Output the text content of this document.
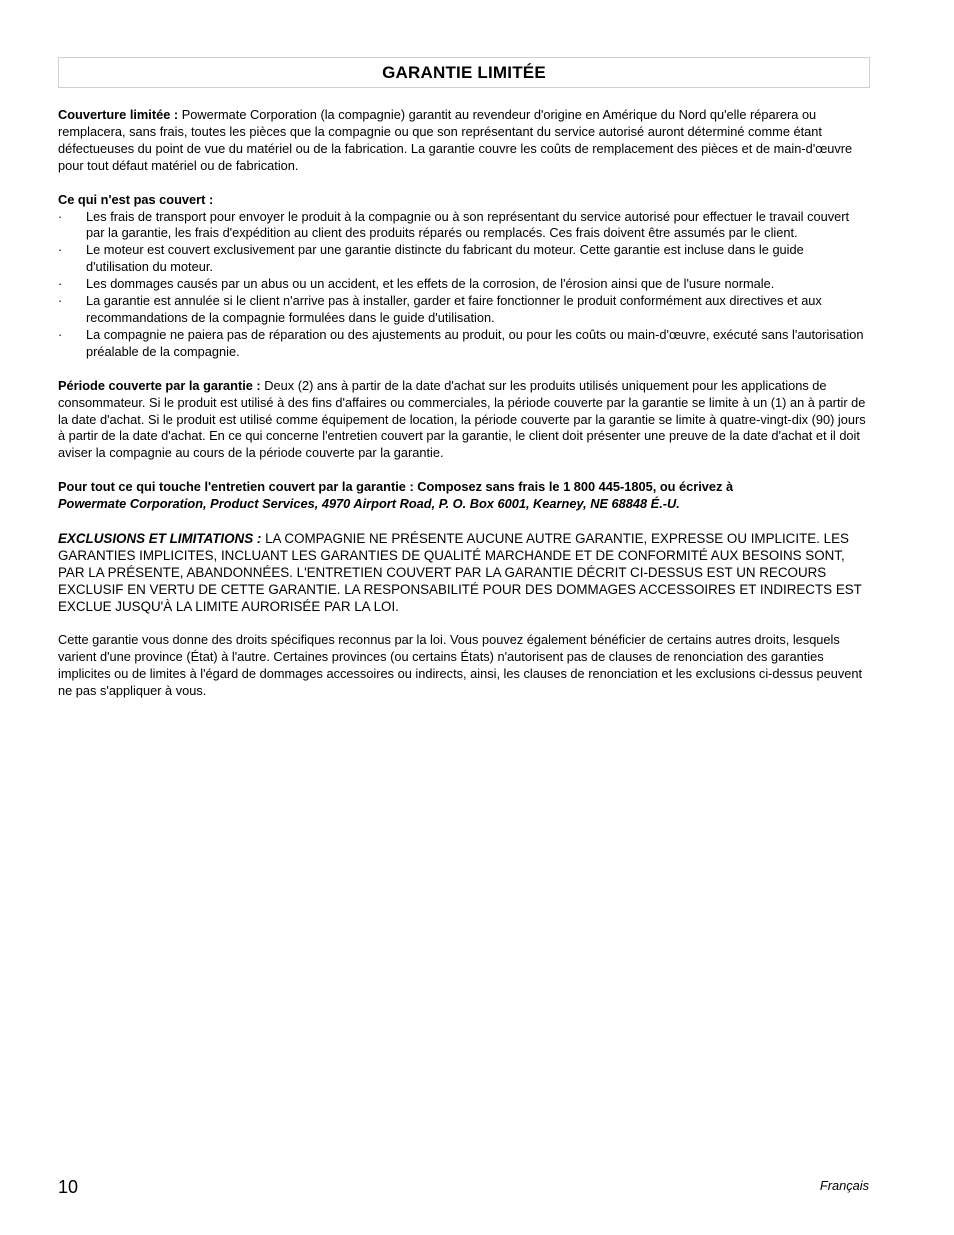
GARANTIE LIMITÉE
Couverture limitée : Powermate Corporation (la compagnie) garantit au revendeur d'origine en Amérique du Nord qu'elle réparera ou remplacera, sans frais, toutes les pièces que la compagnie ou que son représentant du service autorisé auront déterminé comme étant défectueuses du point de vue du matériel ou de la fabrication. La garantie couvre les coûts de remplacement des pièces et de main-d'œuvre pour tout défaut matériel ou de fabrication.
Ce qui n'est pas couvert :
·	Les frais de transport pour envoyer le produit à la compagnie ou à son représentant du service autorisé pour effectuer le travail couvert par la garantie, les frais d'expédition au client des produits réparés ou remplacés. Ces frais doivent être assumés par le client.
·	Le moteur est couvert exclusivement par une garantie distincte du fabricant du moteur. Cette garantie est incluse dans le guide d'utilisation du moteur.
·	Les dommages causés par un abus ou un accident, et les effets de la corrosion, de l'érosion ainsi que de l'usure normale.
·	La garantie est annulée si le client n'arrive pas à installer, garder et faire fonctionner le produit conformément aux directives et aux recommandations de la compagnie formulées dans le guide d'utilisation.
·	La compagnie ne paiera pas de réparation ou des ajustements au produit, ou pour les coûts ou main-d'œuvre, exécuté sans l'autorisation préalable de la compagnie.
Période couverte par la garantie : Deux (2) ans à partir de la date d'achat sur les produits utilisés uniquement pour les applications de consommateur. Si le produit est utilisé à des fins d'affaires ou commerciales, la période couverte par la garantie se limite à un (1) an à partir de la date d'achat. Si le produit est utilisé comme équipement de location, la période couverte par la garantie se limite à quatre-vingt-dix (90) jours à partir de la date d'achat. En ce qui concerne l'entretien couvert par la garantie, le client doit présenter une preuve de la date d'achat et il doit aviser la compagnie au cours de la période couverte par la garantie.
Pour tout ce qui touche l'entretien couvert par la garantie : Composez sans frais le 1 800 445-1805, ou écrivez à
Powermate Corporation, Product Services, 4970 Airport Road, P. O. Box 6001, Kearney, NE 68848 É.-U.
EXCLUSIONS ET LIMITATIONS : LA COMPAGNIE NE PRÉSENTE AUCUNE AUTRE GARANTIE, EXPRESSE OU IMPLICITE. LES GARANTIES IMPLICITES, INCLUANT LES GARANTIES DE QUALITÉ MARCHANDE ET DE CONFORMITÉ AUX BESOINS SONT, PAR LA PRÉSENTE, ABANDONNÉES. L'ENTRETIEN COUVERT PAR LA GARANTIE DÉCRIT CI-DESSUS EST UN RECOURS EXCLUSIF EN VERTU DE CETTE GARANTIE. LA RESPONSABILITÉ POUR DES DOMMAGES ACCESSOIRES ET INDIRECTS EST EXCLUE JUSQU'À LA LIMITE AURORISÉE PAR LA LOI.
Cette garantie vous donne des droits spécifiques reconnus par la loi. Vous pouvez également bénéficier de certains autres droits, lesquels varient d'une province (État) à l'autre. Certaines provinces (ou certains États) n'autorisent pas de clauses de renonciation des garanties implicites ou de limites à l'égard de dommages accessoires ou indirects, ainsi, les clauses de renonciation et les exclusions ci-dessus peuvent ne pas s'appliquer à vous.
10	Français
